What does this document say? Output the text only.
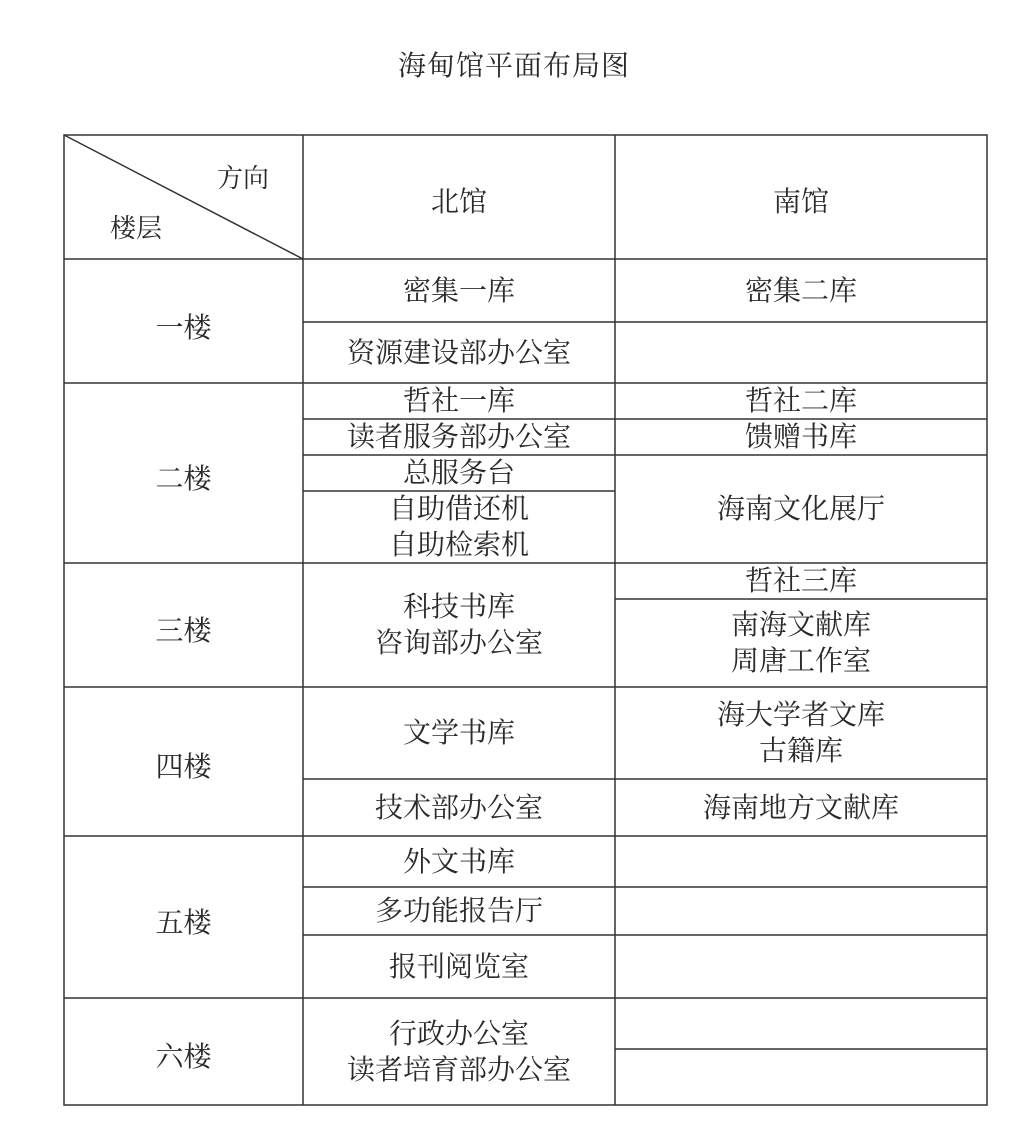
海甸馆平面布局图
方向
楼层
北馆	南馆
一楼
二楼
三楼
四楼
五楼
六楼
密集一库
资源建设部办公室
密集二库
哲社一库
读者服务部办公室
总服务台
自助借还机
自助检索机
哲社二库
馈赠书库
海南文化展厅
科技书库
咨询部办公室
哲社三库
南海文献库
周唐工作室
文学书库
技术部办公室
海大学者文库
古籍库
海南地方文献库
外文书库
多功能报告厅
报刊阅览室
行政办公室
读者培育部办公室
